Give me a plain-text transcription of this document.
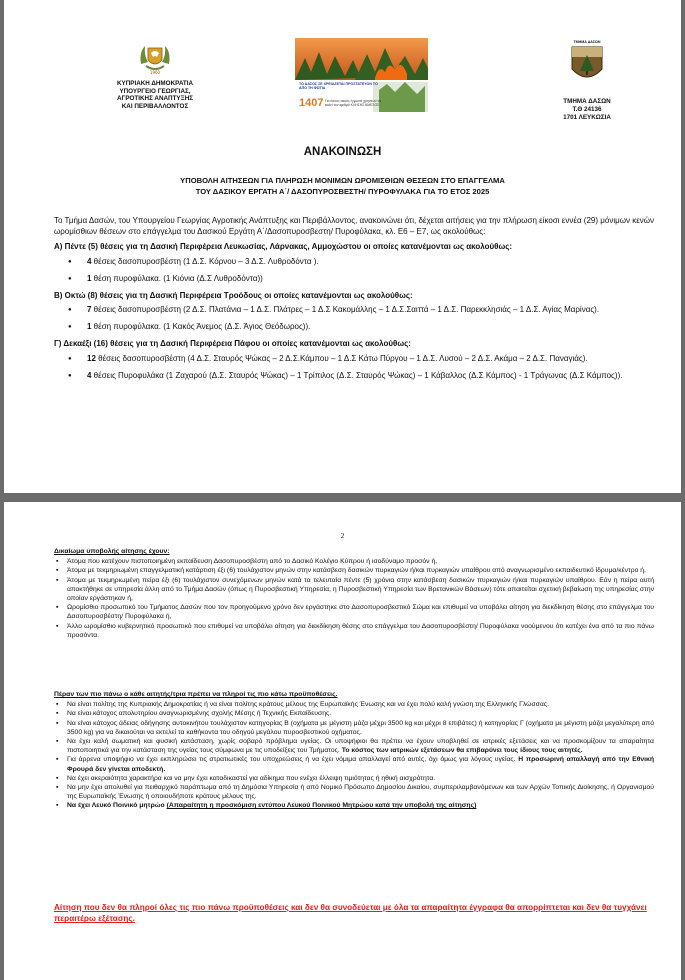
1960
ΚΥΠΡΙΑΚΗ ΔΗΜΟΚΡΑΤΙΑ
ΥΠΟΥΡΓΕΙΟ ΓΕΩΡΓΙΑΣ,
ΑΓΡΟΤΙΚΗΣ ΑΝΑΠΤΥΞΗΣ
ΚΑΙ ΠΕΡΙΒΑΛΛΟΝΤΟΣ
ΤΟ ΔΑΣΟΣ ΣΕ ΧΡΕΙΑΖΕΤΑΙ ΠΡΟΣΤΑΤΕΥΟΝ ΤΟ ΑΠΟ ΤΗ ΦΩΤΙΑ
1407 Για όσους ακούς ή φωτιά χρηστών να καλεί τον αριθμό ΚΛΗΣΗΣ ΑΜΕΣΟΣ
ΤΜΗΜΑ ΔΑΣΩΝ
ΤΜΗΜΑ ΔΑΣΩΝ
Τ.Θ 24136
1701 ΛΕΥΚΩΣΙΑ
ΑΝΑΚΟΙΝΩΣΗ
ΥΠΟΒΟΛΗ ΑΙΤΗΣΕΩΝ ΓΙΑ ΠΛΗΡΩΣΗ ΜΟΝΙΜΩΝ ΩΡΟΜΙΣΘΙΩΝ ΘΕΣΕΩΝ ΣΤΟ ΕΠΑΓΓΕΛΜΑ
ΤΟΥ ΔΑΣΙΚΟΥ ΕΡΓΑΤΗ Α΄/ ΔΑΣΟΠΥΡΟΣΒΕΣΤΗ/ ΠΥΡΟΦΥΛΑΚΑ ΓΙΑ ΤΟ ΕΤΟΣ 2025

Το Τμήμα Δασών, του Υπουργείου Γεωργίας Αγροτικής Ανάπτυξης και Περιβάλλοντος, ανακοινώνει ότι, δέχεται αιτήσεις για την πλήρωση είκοσι εννέα (29) μόνιμων κενών ωρομίσθιων θέσεων στο επάγγελμα του Δασικού Εργάτη Α΄/Δασοπυροσβεστη/ Πυροφύλακα, κλ. Ε6 – Ε7, ως ακολούθως:

Α) Πέντε (5) θέσεις για τη Δασική Περιφέρεια Λευκωσίας, Λάρνακας, Αμμοχώστου οι οποίες κατανέμονται ως ακολούθως:

● 4 θέσεις δασοπυροσβέστη (1 Δ.Σ. Κόρνου – 3 Δ.Σ. Λυθροδόντα ).
● 1 θέση πυροφύλακα. (1 Κιόνια (Δ.Σ Λυθροδόντα))

Β) Οκτώ (8) θέσεις για τη Δασική Περιφέρεια Τροόδους οι οποίες κατανέμονται ως ακολούθως:

● 7 θέσεις δασοπυροσβέστη (2 Δ.Σ. Πλατάνια – 1 Δ.Σ. Πλάτρες – 1 Δ.Σ Κακομάλλης – 1 Δ.Σ.Σαιττά – 1 Δ.Σ. Παρεκκλησιάς – 1 Δ.Σ. Αγίας Μαρίνας).
● 1 θέση πυροφύλακα. (1 Κακός Άνεμος (Δ.Σ. Άγιος Θεόδωρος)).

Γ) Δεκαέξι (16) θέσεις για τη Δασική Περιφέρεια Πάφου οι οποίες κατανέμονται ως ακολούθως:

● 12 θέσεις δασοπυροσβέστη (4 Δ.Σ. Σταυρός Ψώκας – 2 Δ.Σ.Κάμπου – 1 Δ.Σ Κάτω Πύργου – 1 Δ.Σ. Λυσού – 2 Δ.Σ. Ακάμα – 2 Δ.Σ. Παναγιάς).
● 4 θέσεις Πυροφυλάκα (1 Ζαχαρού (Δ.Σ. Σταυρός Ψώκας) – 1 Τρίπιλος (Δ.Σ. Σταυρός Ψώκας) – 1 Κάβαλλος (Δ.Σ Κάμπος) - 1 Τράγωνας (Δ.Σ Κάμπος)).
2

Δικαίωμα υποβολής αίτησης έχουν:

▪ Άτομα που κατέχουν πιστοποιημένη εκπαίδευση Δασοπυροσβέστη από το Δασικό Κολέγιο Κύπρου ή ισοδύναμο προσόν ή,
▪ Άτομα με τεκμηριωμένη επαγγελματική κατάρτιση έξι (6) τουλάχιστον μηνών στην κατάσβεση δασικών πυρκαγιών ή/και πυρκαγιών υπαίθρου από αναγνωρισμένο εκπαιδευτικό ίδρυμα/κέντρο ή,
▪ Άτομα με τεκμηριωμένη πείρα έξι (6) τουλάχιστον συνεχόμενων μηνών κατά τα τελευταία πέντε (5) χρόνια στην κατάσβεση δασικών πυρκαγιών ή/και πυρκαγιών υπαίθρου. Εάν η πείρα αυτή αποκτήθηκε σε υπηρεσία άλλη από το Τμήμα Δασών (όπως η Πυροσβεστική Υπηρεσία, η Πυροσβεστική Υπηρεσία των Βρετανικών Βάσεων) τότε απαιτείται σχετική βεβαίωση της υπηρεσίας στην οποίαν εργάστηκαν ή,
▪ Ωρομίσθιο προσωπικό του Τμήματος Δασών που τον προηγούμενο χρόνο δεν εργάστηκε στο Δασοπυροσβεστικό Σώμα και επιθυμεί να υποβάλει αίτηση για διεκδίκηση θέσης στο επάγγελμα του Δασοπυροσβέστη/ Πυροφύλακα ή,
▪ Άλλο ωρομίσθιο κυβερνητικό προσωπικό που επιθυμεί να υποβάλει αίτηση για διεκδίκηση θέσης στο επάγγελμα του Δασοπυροσβέστη/ Πυροφύλακα νοούμενου ότι κατέχει ένα από τα πιο πάνω προσόντα.

Πέραν των πιο πάνω ο κάθε αιτητής/τρια πρέπει να πληροί τις πιο κάτω προϋποθέσεις.

▪ Να είναι πολίτης της Κυπριακής Δημοκρατίας ή να είναι πολίτης κράτους μέλους της Ευρωπαϊκής Ένωσης και να έχει πολύ καλή γνώση της Ελληνικής Γλώσσας.
▪ Να είναι κάτοχος απολυτηρίου αναγνωρισμένης σχολής Μέσης ή Τεχνικής Εκπαίδευσης.
▪ Να είναι κάτοχος άδειας οδήγησης αυτοκινήτου τουλάχιστον κατηγορίας Β (οχήματα με μέγιστη μάζα μέχρι 3500 kg και μέχρι 8 επιβάτες) ή κατηγορίας Γ (οχήματα με μέγιστη μάζα μεγαλύτερη από 3500 kg) για να δικαιούται να εκτελεί τα καθήκοντα του οδηγού μεγάλου πυροσβεστικού οχήματος.
▪ Να έχει καλή σωματική και φυσική κατάσταση, χωρίς σοβαρό πρόβλημα υγείας. Οι υποψήφιοι θα πρέπει να έχουν υποβληθεί σε ιατρικές εξετάσεις και να προσκομίζουν τα απαραίτητα πιστοποιητικά για την κατάσταση της υγείας τους σύμφωνα με τις υποδείξεις του Τμήματος. Το κόστος των ιατρικών εξετάσεων θα επιβαρύνει τους ίδιους τους αιτητές.
▪ Για άρρενα υποψήφιο να έχει εκπληρώσει τις στρατιωτικές του υποχρεώσεις ή να έχει νόμιμα απαλλαγεί από αυτές, όχι όμως για λόγους υγείας. Η προσωρινή απαλλαγή από την Εθνική Φρουρά δεν γίνεται αποδεκτή.
▪ Να έχει ακεραιότητα χαρακτήρα και να μην έχει καταδικαστεί για αδίκημα που ενέχει έλλειψη τιμιότητας ή ηθική αισχρότητα.
▪ Να μην έχει απολυθεί για πειθαρχικό παράπτωμα από τη Δημόσια Υπηρεσία ή από Νομικό Πρόσωπο Δημοσίου Δικαίου, συμπεριλαμβανόμενων και των Αρχών Τοπικής Διοίκησης, ή Οργανισμού της Ευρωπαϊκής Ένωσης ή οποιουδήποτε κράτους μέλους της.
▪ Να έχει Λευκό Ποινικό μητρώο (Απαραίτητη η προσκόμιση εντύπου Λευκού Ποινικού Μητρώου κατά την υποβολή της αίτησης)
Αίτηση που δεν θα πληροί όλες τις πιο πάνω προϋποθέσεις και δεν θα συνοδεύεται με όλα τα απαραίτητα έγγραφα θα απορρίπτεται και δεν θα τυγχάνει περαιτέρω εξέτασης.
